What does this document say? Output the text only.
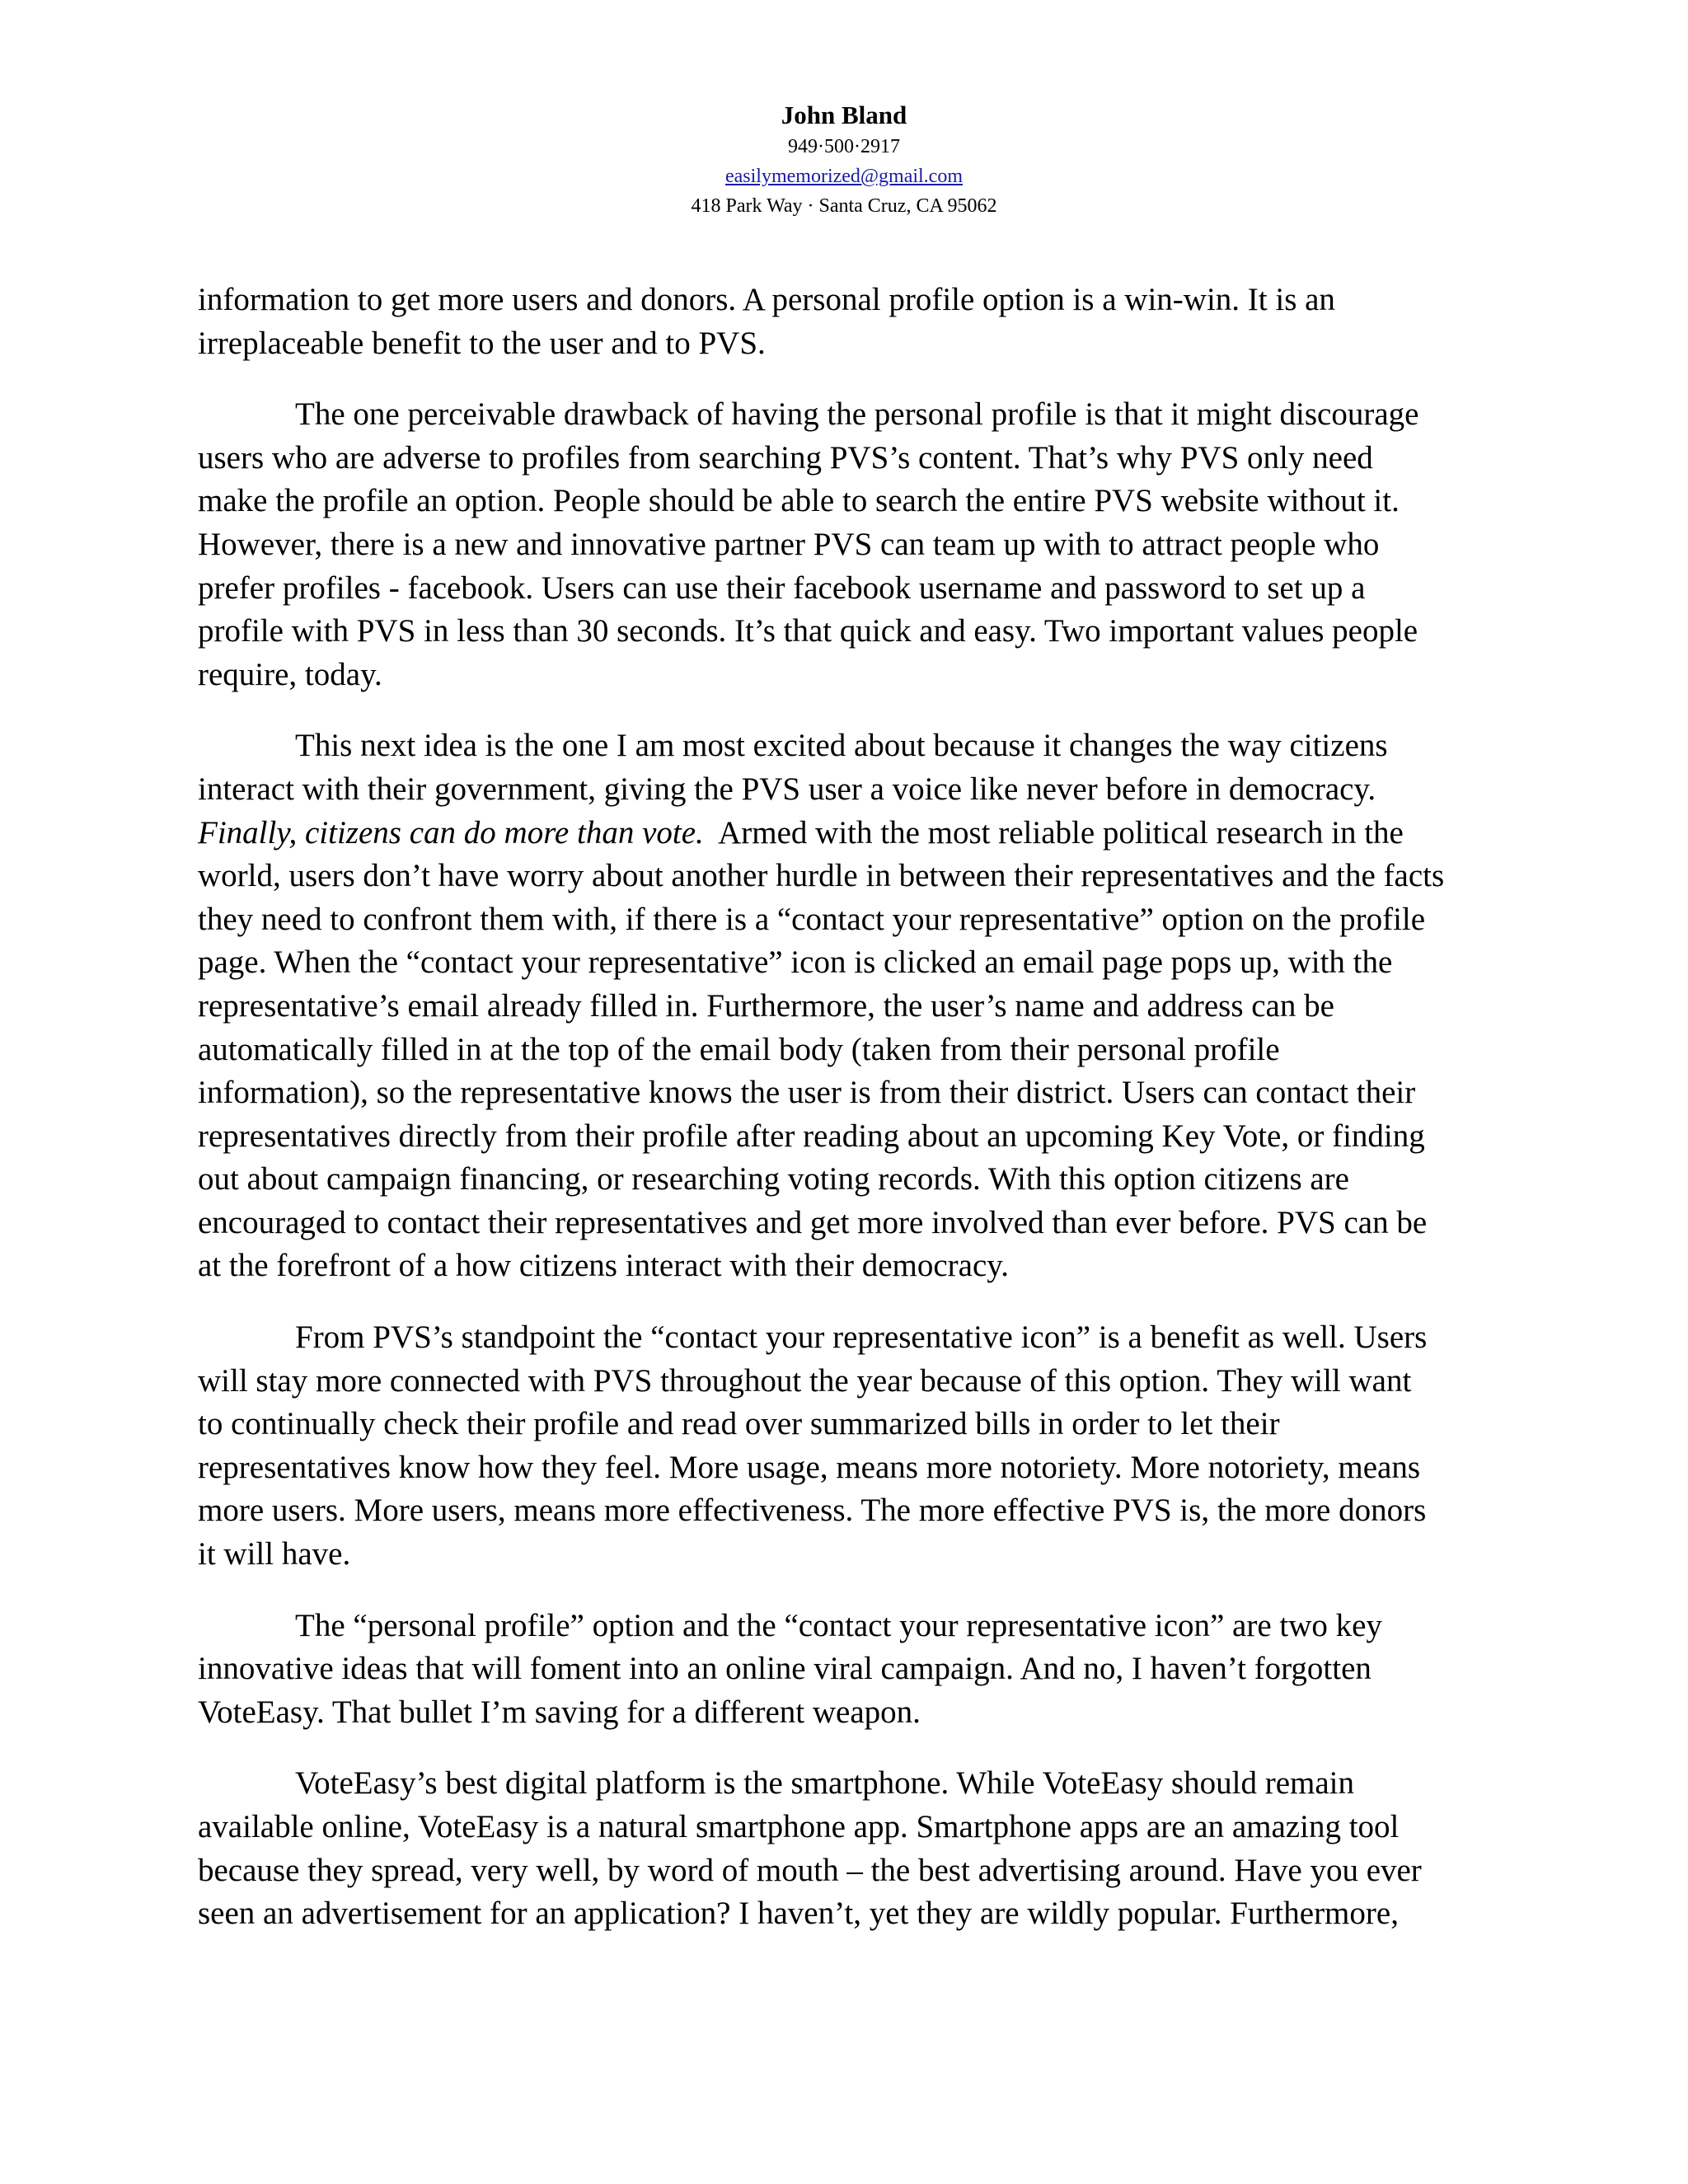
John Bland
949·500·2917
easilymemorized@gmail.com
418 Park Way · Santa Cruz, CA 95062
information to get more users and donors. A personal profile option is a win-win. It is an
irreplaceable benefit to the user and to PVS.
The one perceivable drawback of having the personal profile is that it might discourage
users who are adverse to profiles from searching PVS’s content. That’s why PVS only need
make the profile an option. People should be able to search the entire PVS website without it.
However, there is a new and innovative partner PVS can team up with to attract people who
prefer profiles - facebook. Users can use their facebook username and password to set up a
profile with PVS in less than 30 seconds. It’s that quick and easy. Two important values people
require, today.
This next idea is the one I am most excited about because it changes the way citizens
interact with their government, giving the PVS user a voice like never before in democracy.
Finally, citizens can do more than vote.  Armed with the most reliable political research in the
world, users don’t have worry about another hurdle in between their representatives and the facts
they need to confront them with, if there is a “contact your representative” option on the profile
page. When the “contact your representative” icon is clicked an email page pops up, with the
representative’s email already filled in. Furthermore, the user’s name and address can be
automatically filled in at the top of the email body (taken from their personal profile
information), so the representative knows the user is from their district. Users can contact their
representatives directly from their profile after reading about an upcoming Key Vote, or finding
out about campaign financing, or researching voting records. With this option citizens are
encouraged to contact their representatives and get more involved than ever before. PVS can be
at the forefront of a how citizens interact with their democracy.
From PVS’s standpoint the “contact your representative icon” is a benefit as well. Users
will stay more connected with PVS throughout the year because of this option. They will want
to continually check their profile and read over summarized bills in order to let their
representatives know how they feel. More usage, means more notoriety. More notoriety, means
more users. More users, means more effectiveness. The more effective PVS is, the more donors
it will have.
The “personal profile” option and the “contact your representative icon” are two key
innovative ideas that will foment into an online viral campaign. And no, I haven’t forgotten
VoteEasy. That bullet I’m saving for a different weapon.
VoteEasy’s best digital platform is the smartphone. While VoteEasy should remain
available online, VoteEasy is a natural smartphone app. Smartphone apps are an amazing tool
because they spread, very well, by word of mouth – the best advertising around. Have you ever
seen an advertisement for an application? I haven’t, yet they are wildly popular. Furthermore,
